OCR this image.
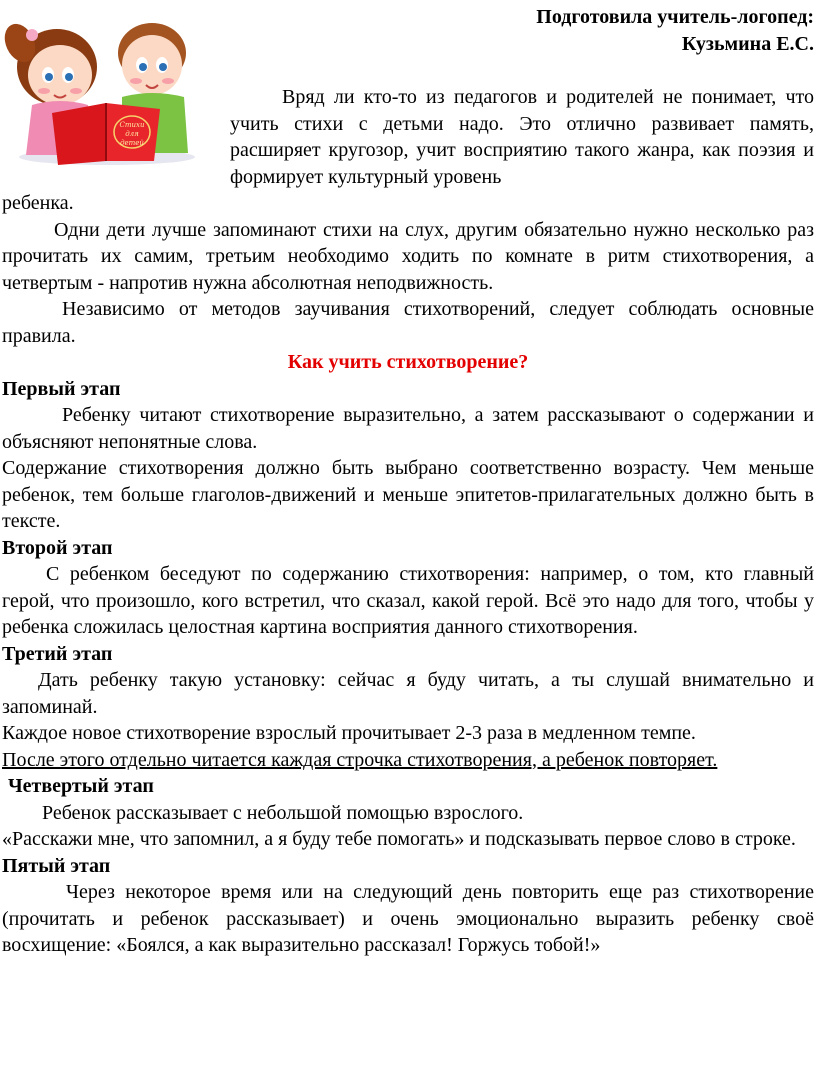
Стихи
для
детей
Подготовила учитель-логопед:
Кузьмина Е.С.

Вряд ли кто-то из педагогов и родителей не понимает, что учить стихи с детьми надо. Это отлично развивает память, расширяет кругозор, учит восприятию такого жанра, как поэзия и формирует культурный уровень

ребенка.

Одни дети лучше запоминают стихи на слух, другим обязательно нужно несколько раз прочитать их самим, третьим необходимо ходить по комнате в ритм стихотворения, а четвертым - напротив нужна абсолютная неподвижность.

Независимо от методов заучивания стихотворений, следует соблюдать основные правила.

Как учить стихотворение?
Первый этап

Ребенку читают стихотворение выразительно, а затем рассказывают о содержании и объясняют непонятные слова.

Содержание стихотворения должно быть выбрано соответственно возрасту. Чем меньше ребенок, тем больше глаголов-движений и меньше эпитетов-прилагательных должно быть в тексте.

Второй этап

С ребенком беседуют по содержанию стихотворения: например, о том, кто главный герой, что произошло, кого встретил, что сказал, какой герой. Всё это надо для того, чтобы у ребенка сложилась целостная картина восприятия данного стихотворения.

Третий этап

Дать ребенку такую установку: сейчас я буду читать, а ты слушай внимательно и запоминай.

Каждое новое стихотворение взрослый прочитывает 2-3 раза в медленном темпе.

После этого отдельно читается каждая строчка стихотворения, а ребенок повторяет.

Четвертый этап

Ребенок рассказывает с небольшой помощью взрослого.

«Расскажи мне, что запомнил, а я буду тебе помогать» и подсказывать первое слово в строке.

Пятый этап

Через некоторое время или на следующий день повторить еще раз стихотворение (прочитать и ребенок рассказывает) и очень эмоционально выразить ребенку своё восхищение: «Боялся, а как выразительно рассказал! Горжусь тобой!»
